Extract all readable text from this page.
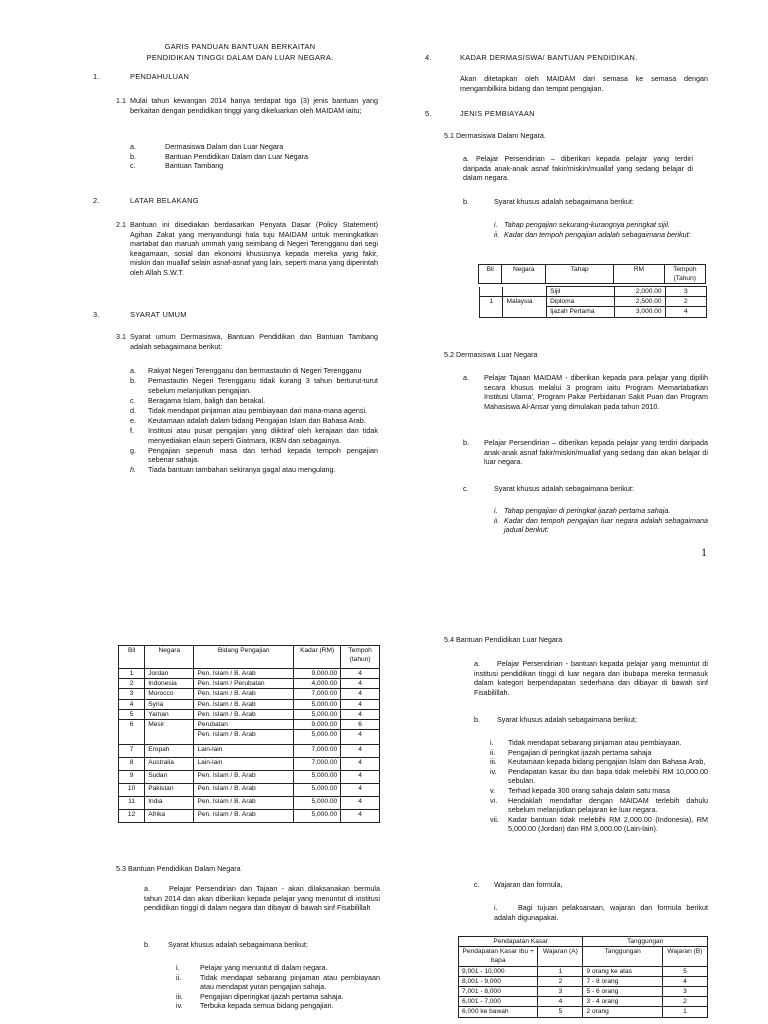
GARIS PANDUAN BANTUAN BERKAITAN
PENDIDIKAN TINGGI DALAM DAN LUAR NEGARA.
1.	PENDAHULUAN
1.1 Mulai tahun kewangan 2014 hanya terdapat tiga (3) jenis bantuan yang berkaitan dengan pendidikan tinggi yang dikeluarkan oleh MAIDAM iaitu;
a.	Dermasiswa Dalam dan Luar Negara
b.	Bantuan Pendidikan Dalam dan Luar Negara
c.	Bantuan Tambang
2.	LATAR BELAKANG
2.1 Bantuan ini disediakan berdasarkan Penyata Dasar (Policy Statement) Agihan Zakat yang menyandungi hala tuju MAIDAM untuk meningkatkan martabat dan maruah ummah yang seimbang di Negeri Terengganu dari segi keagamaan, sosial dan ekonomi khususnya kepada mereka yang fakir, miskin dan muallaf selain asnaf-asnaf yang lain, seperti mana yang diperintah oleh Allah S.W.T.
3.	SYARAT UMUM
3.1 Syarat umum Dermasiswa, Bantuan Pendidikan dan Bantuan Tambang adalah sebagaimana berikut:
a.	Rakyat Negeri Terengganu dan bermastautin di Negeri Terengganu
b.	Pemastautin Negeri Terengganu tidak kurang 3 tahun berturut-turut sebelum melanjutkan pengajian.
c.	Beragama Islam, baligh dan berakal.
d.	Tidak mendapat pinjaman atau pembiayaan dari mana-mana agensi.
e.	Keutamaan adalah dalam bidang Pengajian Islam dan Bahasa Arab.
f.	Institusi atau pusat pengajian yang diiktiraf oleh kerajaan dan tidak menyediakan elaun seperti Giatmara, IKBN dan sebagainya.
g.	Pengajian sepenuh masa dan terhad kepada tempoh pengajian sebenar sahaja.
h.	Tiada bantuan tambahan sekiranya gagal atau mengulang.
4.	KADAR DERMASISWA/ BANTUAN PENDIDIKAN.
Akan ditetapkan oleh MAIDAM dari semasa ke semasa dengan mengambilkira bidang dan tempat pengajian.
5.	JENIS PEMBIAYAAN
5.1 Dermasiswa Dalam Negara.
a. Pelajar Persendirian – diberikan kepada pelajar yang terdiri daripada anak-anak asnaf fakir/miskin/muallaf yang sedang belajar di dalam negara.
b.	Syarat khusus adalah sebagaimana berikut:
i. Tahap pengajian sekurang-kurangnya peringkat sijil.
ii. Kadar dan tempoh pengajian adalah sebagaimana berikut:
Bil	Negara	Tahap	RM	Tempoh (Tahun)
		Sijil	2,000.00	3
1	Malaysia	Diploma	2,500.00	2
		Ijazah Pertama	3,000.00	4
5.2 Dermasiswa Luar Negara
a. Pelajar Tajaan MAIDAM - diberikan kepada para pelajar yang dipilih secara khusus melalui 3 program iaitu Program Memartabatkan Institusi Ulama', Program Pakar Perbidanan Sakit Puan dan Program Mahasiswa Al-Ansar yang dimulakan pada tahun 2010.
b. Pelajar Persendirian – diberikan kepada pelajar yang terdiri daripada anak-anak asnaf fakir/miskin/muallaf yang sedang dan akan belajar di luar negara.
c.	Syarat khusus adalah sebagaimana berikut:
i. Tahap pengajian di peringkat ijazah pertama sahaja.
ii. Kadar dan tempoh pengajian luar negara adalah sebagaimana jadual berikut:
1
Bil	Negara	Bidang Pengajian	Kadar (RM)	Tempoh (tahun)
1	Jordan	Pen. Islam / B. Arab	9,000.00	4
2	Indonesia	Pen. Islam / Perubatan	4,000.00	4
3	Morocco	Pen. Islam / B. Arab	7,000.00	4
4	Syria	Pen. Islam / B. Arab	5,000.00	4
5	Yaman	Pen. Islam / B. Arab	5,000.00	4
6	Mesir	Perubatan	9,000.00	6
		Pen. Islam / B. Arab	5,000.00	4
7	Eropah	Lain-lain	7,000.00	4
8	Australia	Lain-lain	7,000.00	4
9	Sudan	Pen. Islam / B. Arab	5,000.00	4
10	Pakistan	Pen. Islam / B. Arab	5,000.00	4
11	India	Pen. Islam / B. Arab	5,000.00	4
12	Afrika	Pen. Islam / B. Arab	5,000.00	4
5.3 Bantuan Pendidikan Dalam Negara
a.	Pelajar Persendirian dan Tajaan - akan dilaksanakan bermula tahun 2014 dan akan diberikan kepada pelajar yang menuntut di institusi pendidikan tinggi di dalam negara dan dibayar di bawah sinf Fisabilillah
b.	Syarat khusus adalah sebagaimana berikut;
i.	Pelajar yang menuntut di dalam negara.
ii.	Tidak mendapat sebarang pinjaman atau pembiayaan atau mendapat yuran pengajian sahaja.
iii.	Pengajian diperingkat ijazah pertama sahaja.
iv.	Terbuka kepada semua bidang pengajian.
5.4 Bantuan Pendidikan Luar Negara
a.	Pelajar Persendirian - bantuan kepada pelajar yang menuntut di institusi pendidikan tinggi di luar negara dan ibubapa mereka termasuk dalam kategori berpendapatan sederhana dan dibayar di bawah sinf Fisabilillah.
b. Syarat khusus adalah sebagaimana berikut;
i.	Tidak mendapat sebarang pinjaman atau pembiayaan.
ii.	Pengajian di peringkat ijazah pertama sahaja
iii.	Keutamaan kepada bidang pengajian Islam dan Bahasa Arab,
iv.	Pendapatan kasar ibu dan bapa tidak melebihi RM 10,000.00 sebulan.
v.	Terhad kepada 300 orang sahaja dalam satu masa
vi.	Hendaklah mendaftar dengan MAIDAM terlebih dahulu sebelum melanjutkan pelajaran ke luar negara.
vii.	Kadar bantuan tidak melebihi RM 2,000.00 (Indonesia), RM 5,000.00 (Jordan) dan RM 3,000.00 (Lain-lain).
c. Wajaran dan formula,
i.	Bagi tujuan pelaksanaan, wajaran dan formula berikut adalah digunapakai.
Pendapatan Kasar		Tanggungan	
Pendapatan Kasar Ibu + bapa	Wajaran (A)	Tanggungan	Wajaran (B)
9,001 - 10,000	1	9 orang ke atas	5
8,001 - 9,000	2	7 - 8 orang	4
7,001 - 8,000	3	5 - 6 orang	3
6,001 - 7,000	4	3 - 4 orang	2
6,000 ke bawah	5	2 orang	1
